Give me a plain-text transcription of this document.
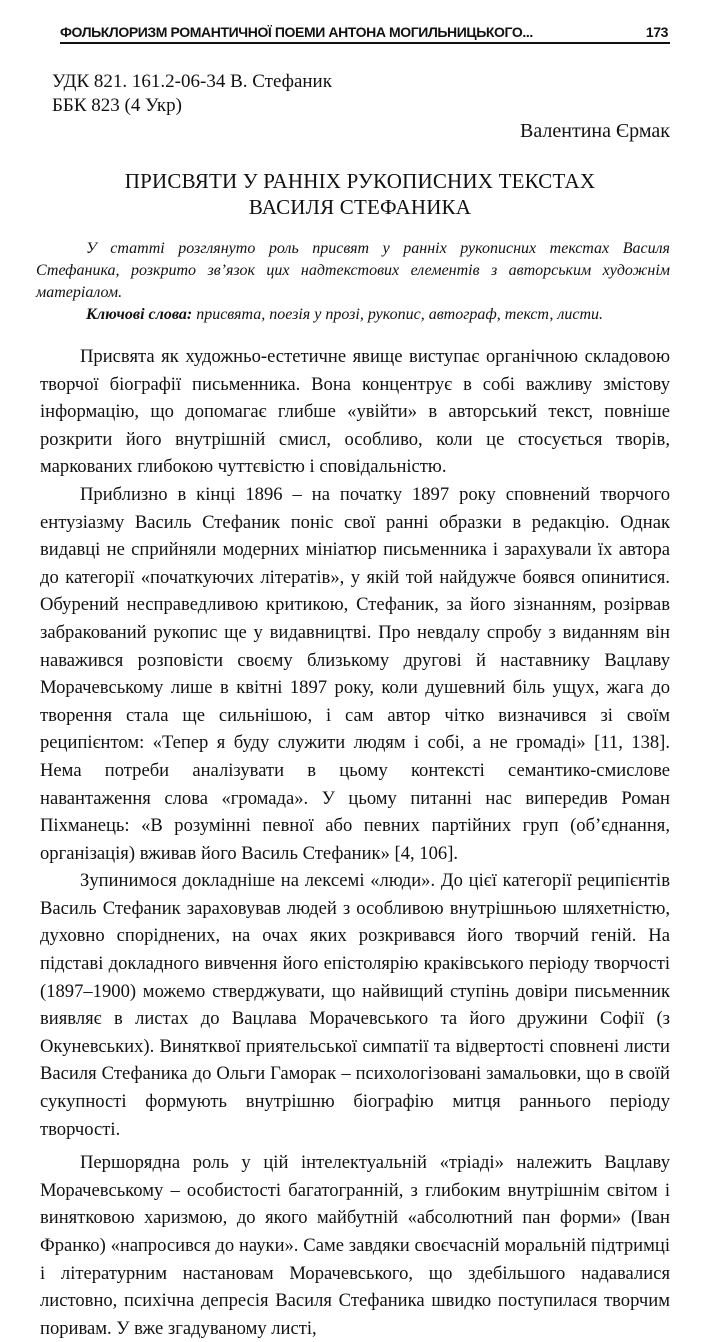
ФОЛЬКЛОРИЗМ РОМАНТИЧНОЇ ПОЕМИ АНТОНА МОГИЛЬНИЦЬКОГО...	173
УДК 821. 161.2-06-34 В. Стефаник
ББК 823 (4 Укр)
Валентина Єрмак
ПРИСВЯТИ У РАННІХ РУКОПИСНИХ ТЕКСТАХ
ВАСИЛЯ СТЕФАНИКА
У статті розглянуто роль присвят у ранніх рукописних текстах Василя Стефаника, розкрито зв’язок цих надтекстових елементів з авторським художнім матеріалом.
Ключові слова: присвята, поезія у прозі, рукопис, автограф, текст, листи.

Присвята як художньо-естетичне явище виступає органічною складовою творчої біографії письменника. Вона концентрує в собі важливу змістову інформацію, що допомагає глибше «увійти» в авторський текст, повніше розкрити його внутрішній смисл, особливо, коли це стосується творів, маркованих глибокою чуттєвістю і сповідальністю.

Приблизно в кінці 1896 – на початку 1897 року сповнений творчого ентузіазму Василь Стефаник поніс свої ранні образки в редакцію. Однак видавці не сприйняли модерних мініатюр письменника і зарахували їх автора до категорії «початкуючих літератів», у якій той найдужче боявся опинитися. Обурений несправедливою критикою, Стефаник, за його зізнанням, розірвав забракований рукопис ще у видавництві. Про невдалу спробу з виданням він наважився розповісти своєму близькому другові й наставнику Вацлаву Морачевському лише в квітні 1897 року, коли душевний біль ущух, жага до творення стала ще сильнішою, і сам автор чітко визначився зі своїм реципієнтом: «Тепер я буду служити людям і собі, а не громаді» [11, 138]. Нема потреби аналізувати в цьому контексті семантико-смислове навантаження слова «громада». У цьому питанні нас випередив Роман Піхманець: «В розумінні певної або певних партійних груп (об’єднання, організація) вживав його Василь Стефаник» [4, 106].

Зупинимося докладніше на лексемі «люди». До цієї категорії реципієнтів Василь Стефаник зараховував людей з особливою внутрішньою шляхетністю, духовно споріднених, на очах яких розкривався його творчий геній. На підставі докладного вивчення його епістолярію краківського періоду творчості (1897–1900) можемо стверджувати, що найвищий ступінь довіри письменник виявляє в листах до Вацлава Морачевського та його дружини Софії (з Окуневських). Винятквої приятельської симпатії та відвертості сповнені листи Василя Стефаника до Ольги Гаморак – психологізовані замальовки, що в своїй сукупності формують внутрішню біографію митця раннього періоду творчості.

Першорядна роль у цій інтелектуальній «тріаді» належить Вацлаву Морачевському – особистості багатогранній, з глибоким внутрішнім світом і винятковою харизмою, до якого майбутній «абсолютний пан форми» (Іван Франко) «напросився до науки». Саме завдяки своєчасній моральній підтримці і літературним настановам Морачевського, що здебільшого надавалися листовно, психічна депресія Василя Стефаника швидко поступилася творчим поривам. У вже згадуваному листі,
